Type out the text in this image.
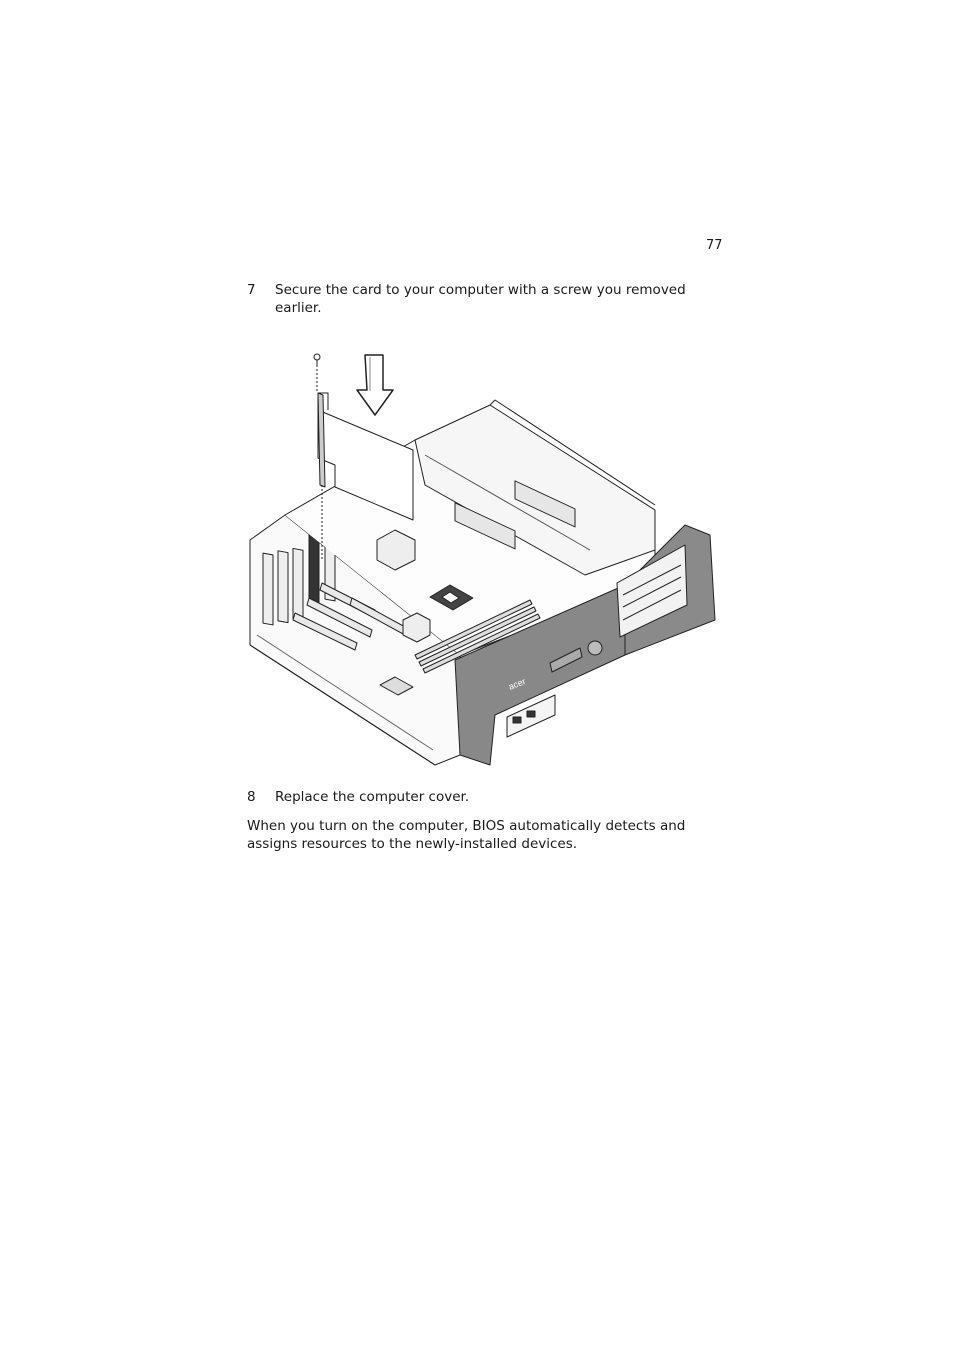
77
7	Secure the card to your computer with a screw you removed earlier.
acer
8	Replace the computer cover.
When you turn on the computer, BIOS automatically detects and assigns resources to the newly-installed devices.
